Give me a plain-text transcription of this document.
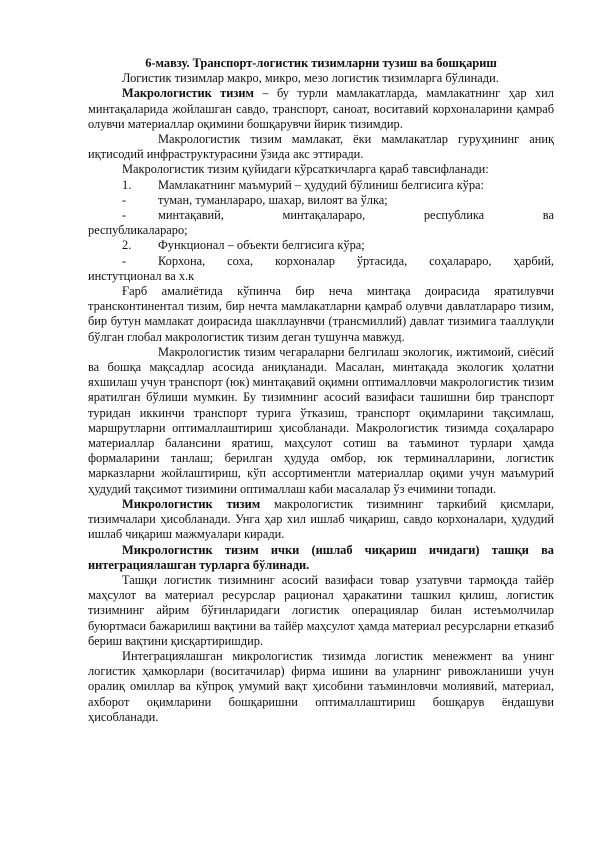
6-мавзу. Транспорт-логистик тизимларни тузиш ва бошқариш

Логистик тизимлар макро, микро, мезо логистик тизимларга бўлинади.

Макрологистик тизим – бу турли мамлакатларда, мамлакатнинг ҳар хил минтақаларида жойлашган савдо, транспорт, саноат, воситавий корхоналарини қамраб олувчи материаллар оқимини бошқарувчи йирик тизимдир.

Макрологистик тизим мамлакат, ёки мамлакатлар гуруҳининг аниқ иқтисодий инфраструктурасини ўзида акс эттиради.

Макрологистик тизим қуйидаги кўрсаткичларга қараб тавсифланади:

1.	Мамлакатнинг маъмурий – ҳудудий бўлиниш белгисига кўра:
-	туман, туманлараро, шахар, вилоят ва ўлка;
-	минтақавий, минтақалараро, республика ва

республикалараро;

2.	Функционал – объекти белгисига кўра;
-	Корхона, соха, корхоналар ўртасида, соҳалараро, ҳарбий,

инстутционал ва х.к

Ғарб амалиётида кўпинча бир неча минтақа доирасида яратилувчи трансконтинентал тизим, бир нечта мамлакатларни қамраб олувчи давлатлараро тизим, бир бутун мамлакат доирасида шакллаунвчи (трансмиллий) давлат тизимига тааллуқли бўлган глобал макрологистик тизим деган тушунча мавжуд.

Макрологистик тизим чегараларни белгилаш экологик, ижтимоий, сиёсий ва бошқа мақсадлар асосида аниқланади. Масалан, минтақада экологик ҳолатни яхшилаш учун транспорт (юк) минтақавий оқимни оптималловчи макрологистик тизим яратилган бўлиши мумкин. Бу тизимнинг асосий вазифаси ташишни бир транспорт туридан иккинчи транспорт турига ўтказиш, транспорт оқимларини тақсимлаш, маршрутларни оптималлаштириш ҳисобланади. Макрологистик тизимда соҳалараро материаллар балансини яратиш, маҳсулот сотиш ва таъминот турлари ҳамда формаларини танлаш; берилган ҳудуда омбор, юк терминалларини, логистик марказларни жойлаштириш, кўп ассортиментли материаллар оқими учун маъмурий ҳудудий тақсимот тизимини оптималлаш каби масалалар ўз ечимини топади.

Микрологистик тизим макрологистик тизимнинг таркибий қисмлари, тизимчалари ҳисобланади. Унга ҳар хил ишлаб чиқариш, савдо корхоналари, ҳудудий ишлаб чиқариш мажмуалари киради.

Микрологистик тизим ички (ишлаб чиқариш ичидаги) ташқи ва интеграциялашган турларга бўлинади.

Ташқи логистик тизимнинг асосий вазифаси товар узатувчи тармоқда тайёр маҳсулот ва материал ресурслар рационал ҳаракатини ташкил қилиш, логистик тизимнинг айрим бўғинларидаги логистик операциялар билан истеъмолчилар буюртмаси бажарилиш вақтини ва тайёр маҳсулот ҳамда материал ресурсларни етказиб бериш вақтини қисқартиришдир.

Интеграциялашган микрологистик тизимда логистик менежмент ва унинг логистик ҳамкорлари (воситачилар) фирма ишини ва уларнинг ривожланиши учун оралиқ омиллар ва кўпроқ умумий вақт ҳисобини таъминловчи молиявий, материал, ахборот оқимларини бошқаришни оптималлаштириш бошқарув ёндашуви ҳисобланади.
